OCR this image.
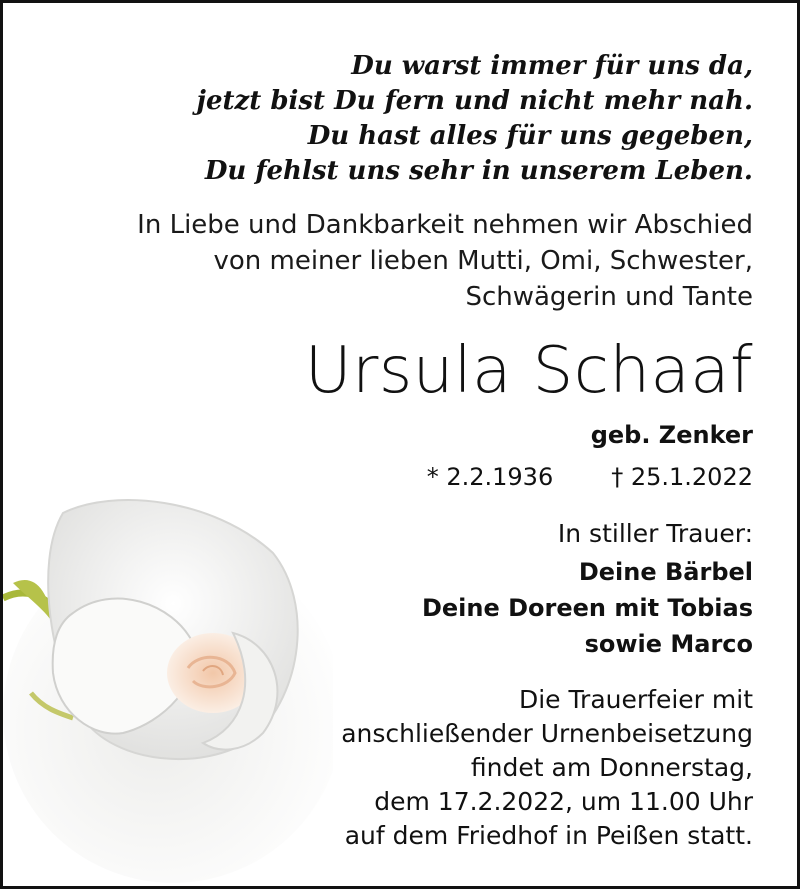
Du warst immer für uns da,
jetzt bist Du fern und nicht mehr nah.
Du hast alles für uns gegeben,
Du fehlst uns sehr in unserem Leben.
In Liebe und Dankbarkeit nehmen wir Abschied
von meiner lieben Mutti, Omi, Schwester,
Schwägerin und Tante
Ursula Schaaf
geb. Zenker
* 2.2.1936 † 25.1.2022
In stiller Trauer:
Deine Bärbel
Deine Doreen mit Tobias
sowie Marco
Die Trauerfeier mit
anschließender Urnenbeisetzung
findet am Donnerstag,
dem 17.2.2022, um 11.00 Uhr
auf dem Friedhof in Peißen statt.
